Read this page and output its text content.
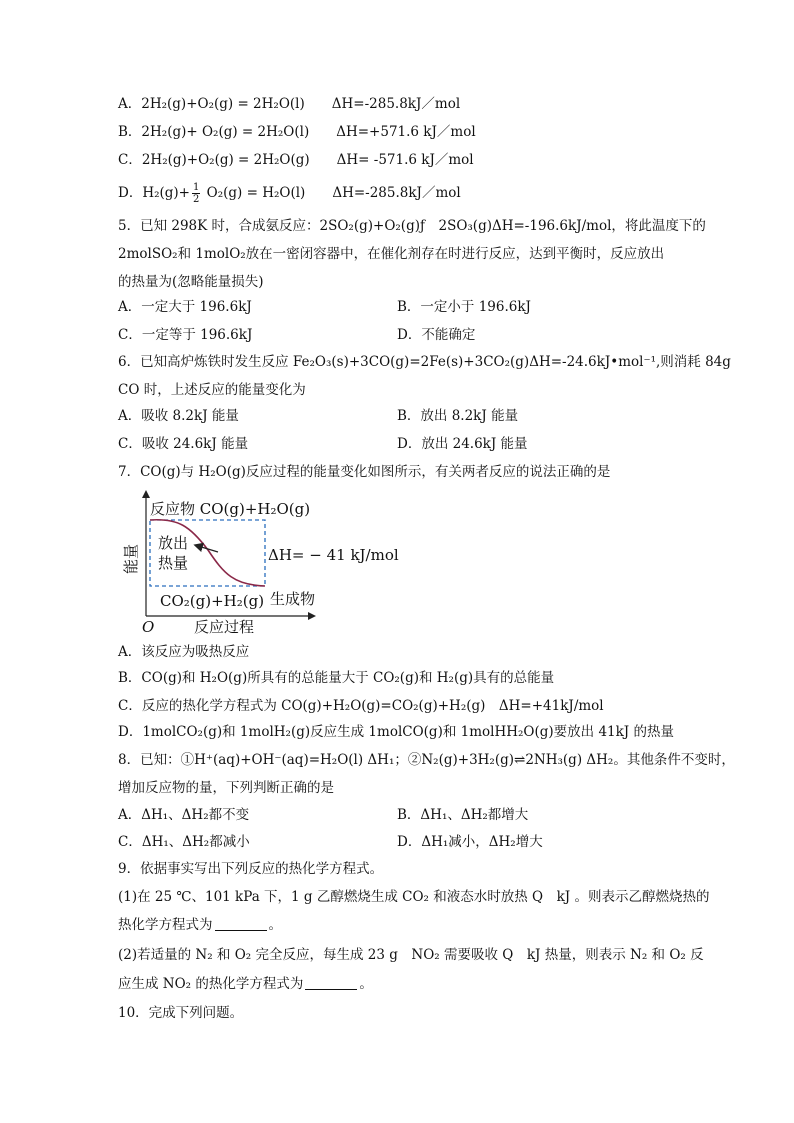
A．2H₂(g)+O₂(g) = 2H₂O(l)　　ΔH=-285.8kJ／mol
B．2H₂(g)+ O₂(g) = 2H₂O(l)　　ΔH=+571.6 kJ／mol
C．2H₂(g)+O₂(g) = 2H₂O(g)　　ΔH= -571.6 kJ／mol
D．$H_2(g)+ \frac{1}{2} O_2(g) = H_2O(l)$　　ΔH=-285.8kJ／mol
5．已知 298K 时，合成氨反应：2SO₂(g)+O₂(g)ƒ　2SO₃(g)ΔH=-196.6kJ/mol，将此温度下的
2molSO₂和 1molO₂放在一密闭容器中，在催化剂存在时进行反应，达到平衡时，反应放出
的热量为(忽略能量损失)
A．一定大于 196.6kJ	B．一定小于 196.6kJ
C．一定等于 196.6kJ	D．不能确定
6．已知高炉炼铁时发生反应 Fe₂O₃(s)+3CO(g)=2Fe(s)+3CO₂(g)ΔH=-24.6kJ•mol⁻¹,则消耗 84g
CO 时，上述反应的能量变化为
A．吸收 8.2kJ 能量	B．放出 8.2kJ 能量
C．吸收 24.6kJ 能量	D．放出 24.6kJ 能量
7．CO(g)与 H₂O(g)反应过程的能量变化如图所示，有关两者反应的说法正确的是
反应物 CO(g)+H₂O(g)
放出
热量	ΔH= − 41 kJ/mol
CO₂(g)+H₂(g) 生成物
能量
O	反应过程
A．该反应为吸热反应
B．CO(g)和 H₂O(g)所具有的总能量大于 CO₂(g)和 H₂(g)具有的总能量
C．反应的热化学方程式为 CO(g)+H₂O(g)=CO₂(g)+H₂(g)　ΔH=+41kJ/mol
D．1molCO₂(g)和 1molH₂(g)反应生成 1molCO(g)和 1molHH₂O(g)要放出 41kJ 的热量
8．已知：①H⁺(aq)+OH⁻(aq)=H₂O(l) ΔH₁；②N₂(g)+3H₂(g)⇌2NH₃(g) ΔH₂。其他条件不变时，
增加反应物的量，下列判断正确的是
A．ΔH₁、ΔH₂都不变	B．ΔH₁、ΔH₂都增大
C．ΔH₁、ΔH₂都减小	D．ΔH₁减小，ΔH₂增大
9．依据事实写出下列反应的热化学方程式。
(1)在 25 ℃、101 kPa 下，1 g 乙醇燃烧生成 CO₂ 和液态水时放热 Q　kJ 。则表示乙醇燃烧热的
热化学方程式为	。
(2)若适量的 N₂ 和 O₂ 完全反应，每生成 23 g　NO₂ 需要吸收 Q　kJ 热量，则表示 N₂ 和 O₂ 反
应生成 NO₂ 的热化学方程式为	。
10．完成下列问题。
